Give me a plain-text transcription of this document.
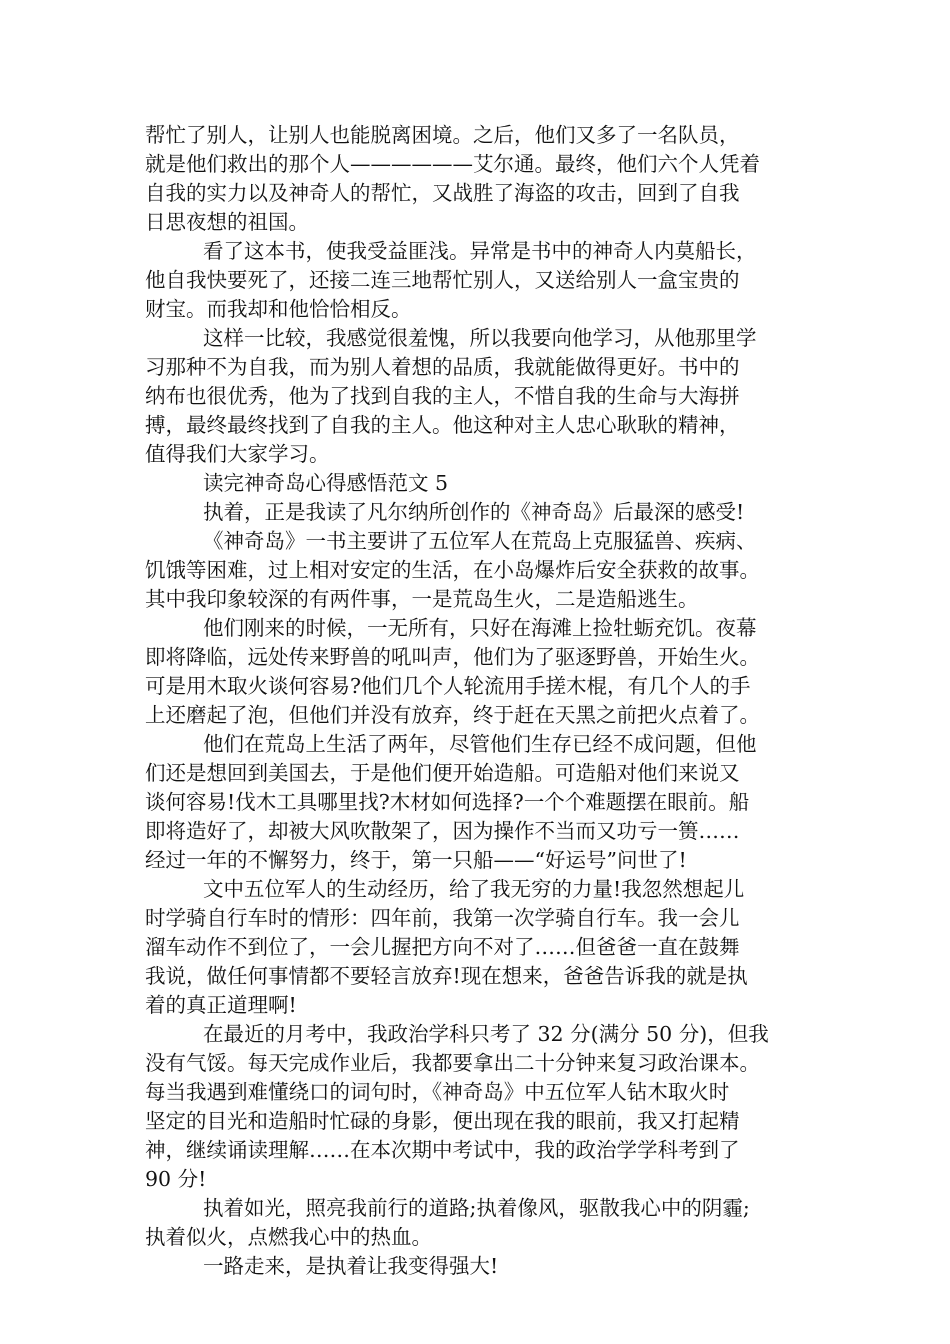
帮忙了别人，让别人也能脱离困境。之后，他们又多了一名队员，
就是他们救出的那个人——————艾尔通。最终，他们六个人凭着
自我的实力以及神奇人的帮忙，又战胜了海盗的攻击，回到了自我
日思夜想的祖国。
看了这本书，使我受益匪浅。异常是书中的神奇人内莫船长，
他自我快要死了，还接二连三地帮忙别人，又送给别人一盒宝贵的
财宝。而我却和他恰恰相反。
这样一比较，我感觉很羞愧，所以我要向他学习，从他那里学
习那种不为自我，而为别人着想的品质，我就能做得更好。书中的
纳布也很优秀，他为了找到自我的主人，不惜自我的生命与大海拼
搏，最终最终找到了自我的主人。他这种对主人忠心耿耿的精神，
值得我们大家学习。
读完神奇岛心得感悟范文 5
执着，正是我读了凡尔纳所创作的《神奇岛》后最深的感受!
《神奇岛》一书主要讲了五位军人在荒岛上克服猛兽、疾病、
饥饿等困难，过上相对安定的生活，在小岛爆炸后安全获救的故事。
其中我印象较深的有两件事，一是荒岛生火，二是造船逃生。
他们刚来的时候，一无所有，只好在海滩上捡牡蛎充饥。夜幕
即将降临，远处传来野兽的吼叫声，他们为了驱逐野兽，开始生火。
可是用木取火谈何容易?他们几个人轮流用手搓木棍，有几个人的手
上还磨起了泡，但他们并没有放弃，终于赶在天黑之前把火点着了。
他们在荒岛上生活了两年，尽管他们生存已经不成问题，但他
们还是想回到美国去，于是他们便开始造船。可造船对他们来说又
谈何容易!伐木工具哪里找?木材如何选择?一个个难题摆在眼前。船
即将造好了，却被大风吹散架了，因为操作不当而又功亏一篑……
经过一年的不懈努力，终于，第一只船——“好运号”问世了!
文中五位军人的生动经历，给了我无穷的力量!我忽然想起儿
时学骑自行车时的情形：四年前，我第一次学骑自行车。我一会儿
溜车动作不到位了，一会儿握把方向不对了……但爸爸一直在鼓舞
我说，做任何事情都不要轻言放弃!现在想来，爸爸告诉我的就是执
着的真正道理啊!
在最近的月考中，我政治学科只考了 32 分(满分 50 分)，但我
没有气馁。每天完成作业后，我都要拿出二十分钟来复习政治课本。
每当我遇到难懂绕口的词句时，《神奇岛》中五位军人钻木取火时
坚定的目光和造船时忙碌的身影，便出现在我的眼前，我又打起精
神，继续诵读理解……在本次期中考试中，我的政治学学科考到了
90 分!
执着如光，照亮我前行的道路;执着像风，驱散我心中的阴霾;
执着似火，点燃我心中的热血。
一路走来，是执着让我变得强大!
